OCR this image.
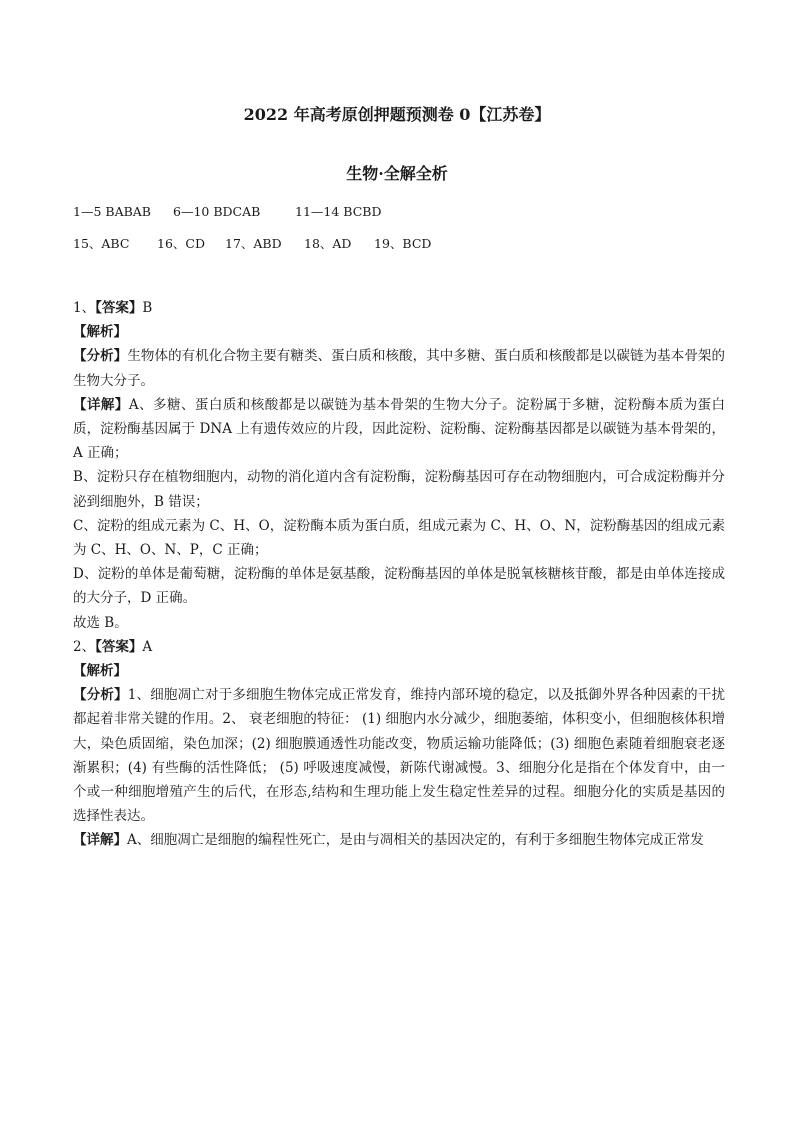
2022 年高考原创押题预测卷 0【江苏卷】
生物·全解全析
1—5 BABAB 6—10 BDCAB	11—14 BCBD
15、ABC 16、CD 17、ABD 18、AD 19、BCD

1、【答案】B

【解析】

【分析】生物体的有机化合物主要有糖类、蛋白质和核酸，其中多糖、蛋白质和核酸都是以碳链为基本骨架的生物大分子。

【详解】A、多糖、蛋白质和核酸都是以碳链为基本骨架的生物大分子。淀粉属于多糖，淀粉酶本质为蛋白质，淀粉酶基因属于 DNA 上有遗传效应的片段，因此淀粉、淀粉酶、淀粉酶基因都是以碳链为基本骨架的，A 正确；

B、淀粉只存在植物细胞内，动物的消化道内含有淀粉酶，淀粉酶基因可存在动物细胞内，可合成淀粉酶并分泌到细胞外，B 错误；

C、淀粉的组成元素为 C、H、O，淀粉酶本质为蛋白质，组成元素为 C、H、O、N，淀粉酶基因的组成元素为 C、H、O、N、P，C 正确；

D、淀粉的单体是葡萄糖，淀粉酶的单体是氨基酸，淀粉酶基因的单体是脱氧核糖核苷酸，都是由单体连接成的大分子，D 正确。

故选 B。

2、【答案】A

【解析】

【分析】1、细胞凋亡对于多细胞生物体完成正常发育，维持内部环境的稳定，以及抵御外界各种因素的干扰都起着非常关键的作用。2、 衰老细胞的特征： (1) 细胞内水分减少，细胞萎缩，体积变小，但细胞核体积增大，染色质固缩，染色加深；(2) 细胞膜通透性功能改变，物质运输功能降低；(3) 细胞色素随着细胞衰老逐渐累积；(4) 有些酶的活性降低； (5) 呼吸速度减慢，新陈代谢减慢。3、细胞分化是指在个体发育中，由一个或一种细胞增殖产生的后代，在形态,结构和生理功能上发生稳定性差异的过程。细胞分化的实质是基因的选择性表达。

【详解】A、细胞凋亡是细胞的编程性死亡，是由与凋相关的基因决定的，有利于多细胞生物体完成正常发
